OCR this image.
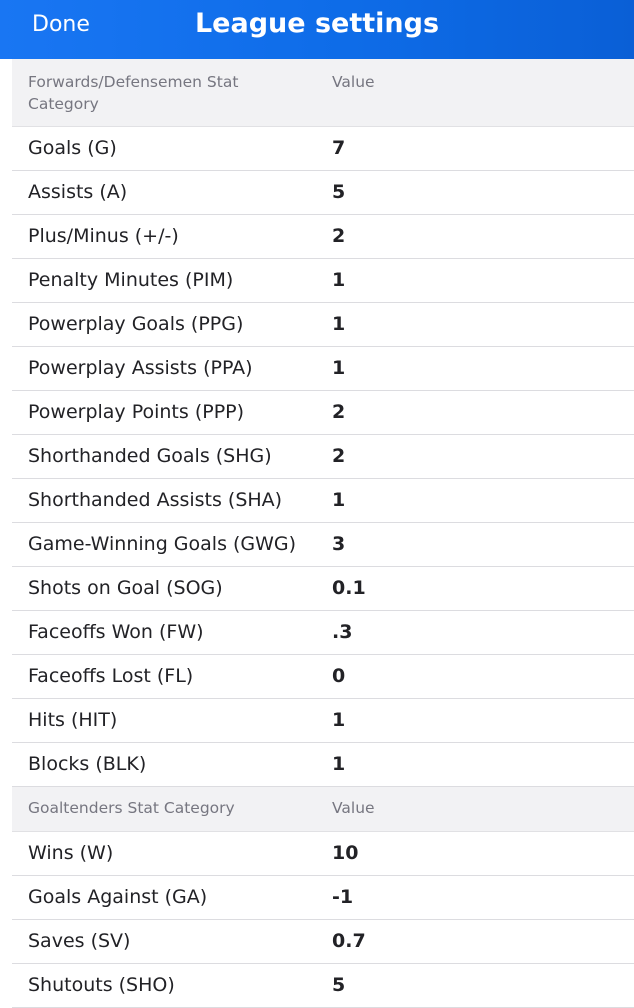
Done	League settings
Forwards/Defensemen Stat Category
Value
Goals (G)	7
Assists (A)	5
Plus/Minus (+/-)	2
Penalty Minutes (PIM)	1
Powerplay Goals (PPG)	1
Powerplay Assists (PPA)	1
Powerplay Points (PPP)	2
Shorthanded Goals (SHG)	2
Shorthanded Assists (SHA)	1
Game-Winning Goals (GWG) 3
Shots on Goal (SOG)	0.1
Faceoffs Won (FW)	.3
Faceoffs Lost (FL)	0
Hits (HIT)	1
Blocks (BLK)	1
Goaltenders Stat Category	Value
Wins (W)	10
Goals Against (GA)	-1
Saves (SV)	0.7
Shutouts (SHO)	5
